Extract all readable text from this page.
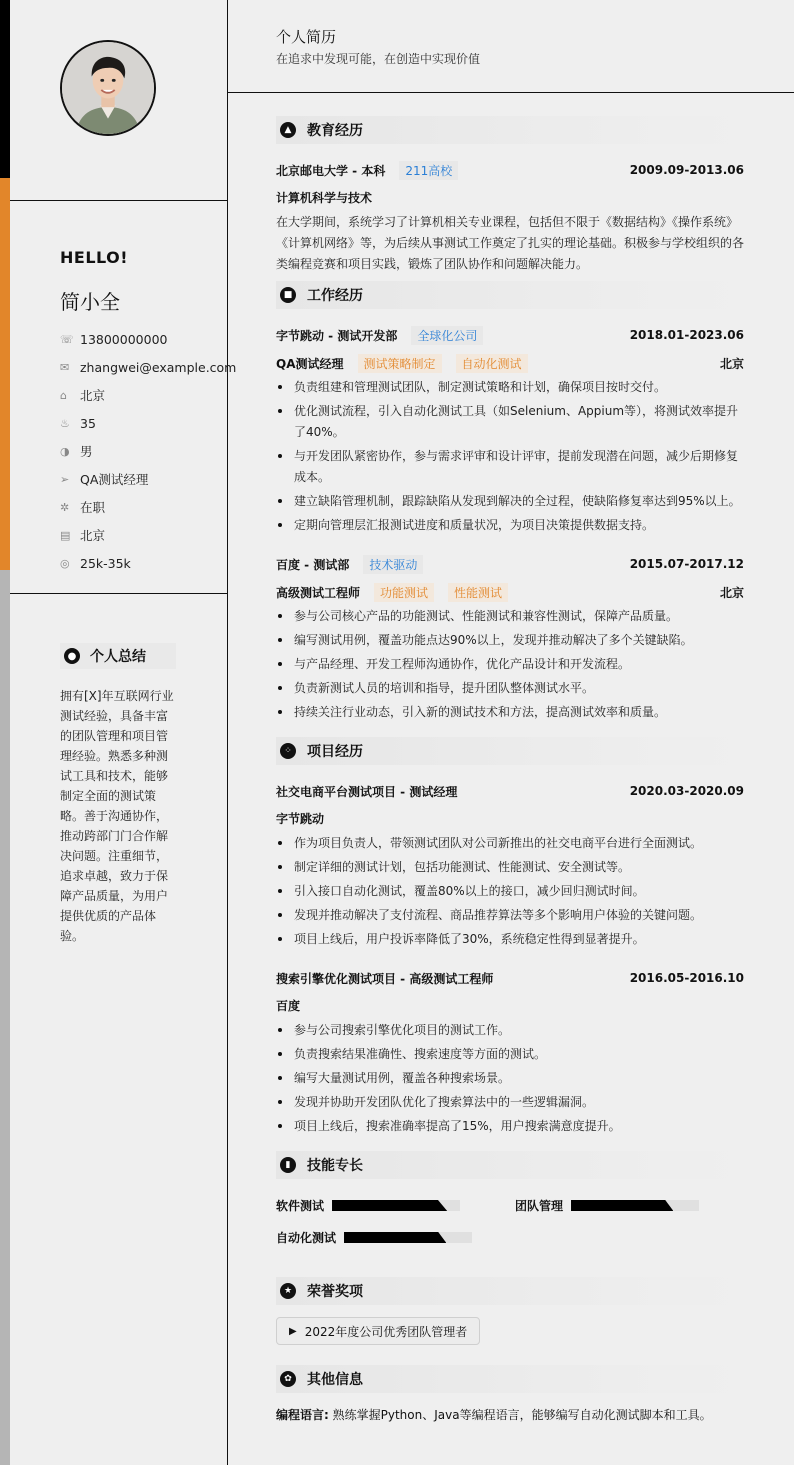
HELLO!
简小全
☏ 13800000000
✉ zhangwei@example.com
⌂	北京
♨ 35
◑ 男
➢ QA测试经理
✲ 在职
▤ 北京
◎ 25k-35k
● 个人总结
拥有[X]年互联网行业测试经验，具备丰富的团队管理和项目管理经验。熟悉多种测试工具和技术，能够制定全面的测试策略。善于沟通协作，推动跨部门门合作解决问题。注重细节，追求卓越，致力于保障产品质量，为用户提供优质的产品体验。
个人简历
在追求中发现可能，在创造中实现价值
▲	教育经历
北京邮电大学 - 本科	211高校	2009.09-2013.06
计算机科学与技术
在大学期间，系统学习了计算机相关专业课程，包括但不限于《数据结构》《操作系统》《计算机网络》等，为后续从事测试工作奠定了扎实的理论基础。积极参与学校组织的各类编程竞赛和项目实践，锻炼了团队协作和问题解决能力。
■ 工作经历
字节跳动 - 测试开发部	全球化公司	2018.01-2023.06
QA测试经理	测试策略制定	自动化测试	北京
负责组建和管理测试团队，制定测试策略和计划，确保项目按时交付。
优化测试流程，引入自动化测试工具（如Selenium、Appium等），将测试效率提升了40%。
与开发团队紧密协作，参与需求评审和设计评审，提前发现潜在问题，减少后期修复成本。
建立缺陷管理机制，跟踪缺陷从发现到解决的全过程，使缺陷修复率达到95%以上。
定期向管理层汇报测试进度和质量状况，为项目决策提供数据支持。
百度 - 测试部	技术驱动	2015.07-2017.12
高级测试工程师	功能测试	性能测试	北京
参与公司核心产品的功能测试、性能测试和兼容性测试，保障产品质量。
编写测试用例，覆盖功能点达90%以上，发现并推动解决了多个关键缺陷。
与产品经理、开发工程师沟通协作，优化产品设计和开发流程。
负责新测试人员的培训和指导，提升团队整体测试水平。
持续关注行业动态，引入新的测试技术和方法，提高测试效率和质量。
⁘	项目经历
社交电商平台测试项目 - 测试经理	2020.03-2020.09
字节跳动
作为项目负责人，带领测试团队对公司新推出的社交电商平台进行全面测试。
制定详细的测试计划，包括功能测试、性能测试、安全测试等。
引入接口自动化测试，覆盖80%以上的接口，减少回归测试时间。
发现并推动解决了支付流程、商品推荐算法等多个影响用户体验的关键问题。
项目上线后，用户投诉率降低了30%，系统稳定性得到显著提升。
搜索引擎优化测试项目 - 高级测试工程师	2016.05-2016.10
百度
参与公司搜索引擎优化项目的测试工作。
负责搜索结果准确性、搜索速度等方面的测试。
编写大量测试用例，覆盖各种搜索场景。
发现并协助开发团队优化了搜索算法中的一些逻辑漏洞。
项目上线后，搜索准确率提高了15%，用户搜索满意度提升。
▮	技能专长
软件测试	团队管理
自动化测试
★ 荣誉奖项
▶ 2022年度公司优秀团队管理者
✿	其他信息
编程语言: 熟练掌握Python、Java等编程语言，能够编写自动化测试脚本和工具。
